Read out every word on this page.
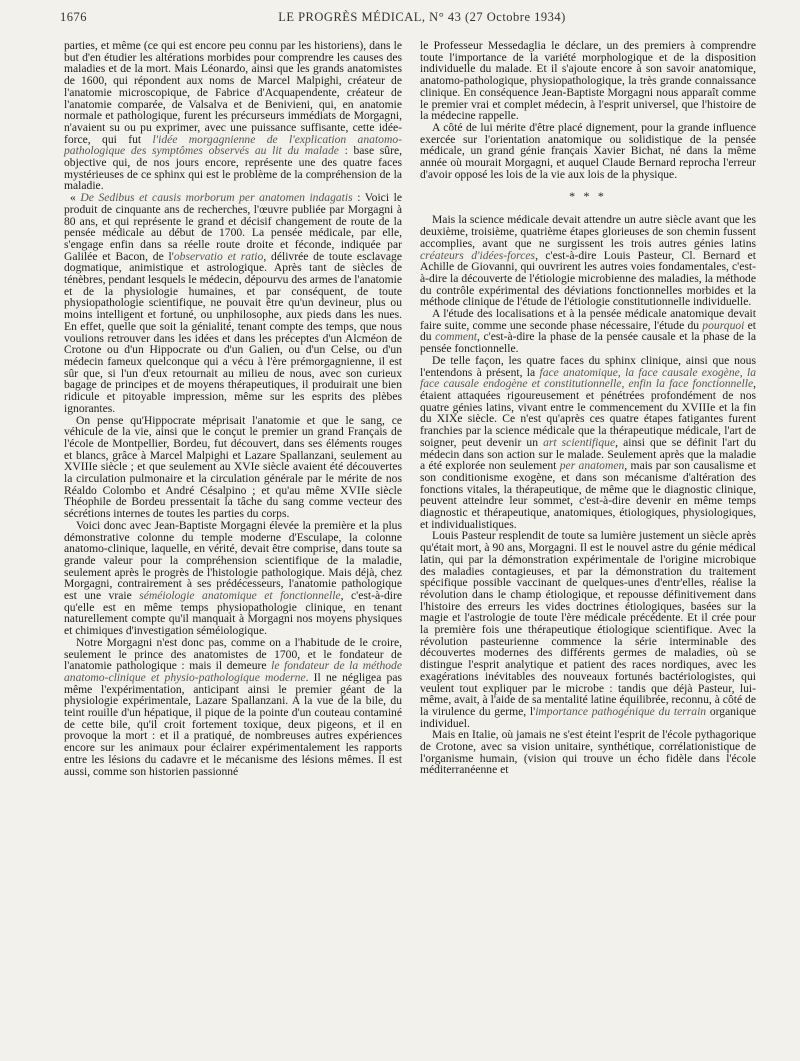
1676	LE PROGRÈS MÉDICAL, N° 43 (27 Octobre 1934)

parties, et même (ce qui est encore peu connu par les historiens), dans le but d'en étudier les altérations morbides pour comprendre les causes des maladies et de la mort. Mais Léonardo, ainsi que les grands anatomistes de 1600, qui répondent aux noms de Marcel Malpighi, créateur de l'anatomie microscopique, de Fabrice d'Acquapendente, créateur de l'anatomie comparée, de Valsalva et de Benivieni, qui, en anatomie normale et pathologique, furent les précurseurs immédiats de Morgagni, n'avaient su ou pu exprimer, avec une puissance suffisante, cette idée-force, qui fut l'idée morgagnienne de l'explication anatomo-pathologique des symptômes observés au lit du malade : base sûre, objective qui, de nos jours encore, représente une des quatre faces mystérieuses de ce sphinx qui est le problème de la compréhension de la maladie.

« De Sedibus et causis morborum per anatomen indagatis : Voici le produit de cinquante ans de recherches, l'œuvre publiée par Morgagni à 80 ans, et qui représente le grand et décisif changement de route de la pensée médicale au début de 1700. La pensée médicale, par elle, s'engage enfin dans sa réelle route droite et féconde, indiquée par Galilée et Bacon, de l'observatio et ratio, délivrée de toute esclavage dogmatique, animistique et astrologique. Après tant de siècles de ténèbres, pendant lesquels le médecin, dépourvu des armes de l'anatomie et de la physiologie humaines, et par conséquent, de toute physiopathologie scientifique, ne pouvait être qu'un devineur, plus ou moins intelligent et fortuné, ou unphilosophe, aux pieds dans les nues. En effet, quelle que soit la génialité, tenant compte des temps, que nous voulions retrouver dans les idées et dans les préceptes d'un Alcméon de Crotone ou d'un Hippocrate ou d'un Galien, ou d'un Celse, ou d'un médecin fameux quelconque qui a vécu à l'ère prémorgagnienne, il est sûr que, si l'un d'eux retournait au milieu de nous, avec son curieux bagage de principes et de moyens thérapeutiques, il produirait une bien ridicule et pitoyable impression, même sur les esprits des plèbes ignorantes.

On pense qu'Hippocrate méprisait l'anatomie et que le sang, ce véhicule de la vie, ainsi que le conçut le premier un grand Français de l'école de Montpellier, Bordeu, fut découvert, dans ses éléments rouges et blancs, grâce à Marcel Malpighi et Lazare Spallanzani, seulement au XVIIIe siècle ; et que seulement au XVIe siècle avaient été découvertes la circulation pulmonaire et la circulation générale par le mérite de nos Réaldo Colombo et André Césalpino ; et qu'au même XVIIe siècle Théophile de Bordeu pressentait la tâche du sang comme vecteur des sécrétions internes de toutes les parties du corps.

Voici donc avec Jean-Baptiste Morgagni élevée la première et la plus démonstrative colonne du temple moderne d'Esculape, la colonne anatomo-clinique, laquelle, en vérité, devait être comprise, dans toute sa grande valeur pour la compréhension scientifique de la maladie, seulement après le progrès de l'histologie pathologique. Mais déjà, chez Morgagni, contrairement à ses prédécesseurs, l'anatomie pathologique est une vraie séméiologie anatomique et fonctionnelle, c'est-à-dire qu'elle est en même temps physiopathologie clinique, en tenant naturellement compte qu'il manquait à Morgagni nos moyens physiques et chimiques d'investigation séméiologique.

Notre Morgagni n'est donc pas, comme on a l'habitude de le croire, seulement le prince des anatomistes de 1700, et le fondateur de l'anatomie pathologique : mais il demeure le fondateur de la méthode anatomo-clinique et physio-pathologique moderne. Il ne négligea pas même l'expérimentation, anticipant ainsi le premier géant de la physiologie expérimentale, Lazare Spallanzani. A la vue de la bile, du teint rouille d'un hépatique, il pique de la pointe d'un couteau contaminé de cette bile, qu'il croit fortement toxique, deux pigeons, et il en provoque la mort : et il a pratiqué, de nombreuses autres expériences encore sur les animaux pour éclairer expérimentalement les rapports entre les lésions du cadavre et le mécanisme des lésions mêmes. Il est aussi, comme son historien passionné

le Professeur Messedaglia le déclare, un des premiers à comprendre toute l'importance de la variété morphologique et de la disposition individuelle du malade. Et il s'ajoute encore à son savoir anatomique, anatomo-pathologique, physiopathologique, la très grande connaissance clinique. En conséquence Jean-Baptiste Morgagni nous apparaît comme le premier vrai et complet médecin, à l'esprit universel, que l'histoire de la médecine rappelle.

A côté de lui mérite d'être placé dignement, pour la grande influence exercée sur l'orientation anatomique ou solidistique de la pensée médicale, un grand génie français Xavier Bichat, né dans la même année où mourait Morgagni, et auquel Claude Bernard reprocha l'erreur d'avoir opposé les lois de la vie aux lois de la physique.

* * *

Mais la science médicale devait attendre un autre siècle avant que les deuxième, troisième, quatrième étapes glorieuses de son chemin fussent accomplies, avant que ne surgissent les trois autres génies latins créateurs d'idées-forces, c'est-à-dire Louis Pasteur, Cl. Bernard et Achille de Giovanni, qui ouvrirent les autres voies fondamentales, c'est-à-dire la découverte de l'étiologie microbienne des maladies, la méthode du contrôle expérimental des déviations fonctionnelles morbides et la méthode clinique de l'étude de l'étiologie constitutionnelle individuelle.

A l'étude des localisations et à la pensée médicale anatomique devait faire suite, comme une seconde phase nécessaire, l'étude du pourquoi et du comment, c'est-à-dire la phase de la pensée causale et la phase de la pensée fonctionnelle.

De telle façon, les quatre faces du sphinx clinique, ainsi que nous l'entendons à présent, la face anatomique, la face causale exogène, la face causale endogène et constitutionnelle, enfin la face fonctionnelle, étaient attaquées rigoureusement et pénétrées profondément de nos quatre génies latins, vivant entre le commencement du XVIIIe et la fin du XIXe siècle. Ce n'est qu'après ces quatre étapes fatigantes furent franchies par la science médicale que la thérapeutique médicale, l'art de soigner, peut devenir un art scientifique, ainsi que se définit l'art du médecin dans son action sur le malade. Seulement après que la maladie a été explorée non seulement per anatomen, mais par son causalisme et son conditionisme exogène, et dans son mécanisme d'altération des fonctions vitales, la thérapeutique, de même que le diagnostic clinique, peuvent atteindre leur sommet, c'est-à-dire devenir en même temps diagnostic et thérapeutique, anatomiques, étiologiques, physiologiques, et individualistiques.

Louis Pasteur resplendit de toute sa lumière justement un siècle après qu'était mort, à 90 ans, Morgagni. Il est le nouvel astre du génie médical latin, qui par la démonstration expérimentale de l'origine microbique des maladies contagieuses, et par la démonstration du traitement spécifique possible vaccinant de quelques-unes d'entr'elles, réalise la révolution dans le champ étiologique, et repousse définitivement dans l'histoire des erreurs les vides doctrines étiologiques, basées sur la magie et l'astrologie de toute l'ère médicale précédente. Et il crée pour la première fois une thérapeutique étiologique scientifique. Avec la révolution pasteurienne commence la série interminable des découvertes modernes des différents germes de maladies, où se distingue l'esprit analytique et patient des races nordiques, avec les exagérations inévitables des nouveaux fortunés bactériologistes, qui veulent tout expliquer par le microbe : tandis que déjà Pasteur, lui-même, avait, à l'aide de sa mentalité latine équilibrée, reconnu, à côté de la virulence du germe, l'importance pathogénique du terrain organique individuel.

Mais en Italie, où jamais ne s'est éteint l'esprit de l'école pythagorique de Crotone, avec sa vision unitaire, synthétique, corrélationistique de l'organisme humain, (vision qui trouve un écho fidèle dans l'école méditerranéenne et
